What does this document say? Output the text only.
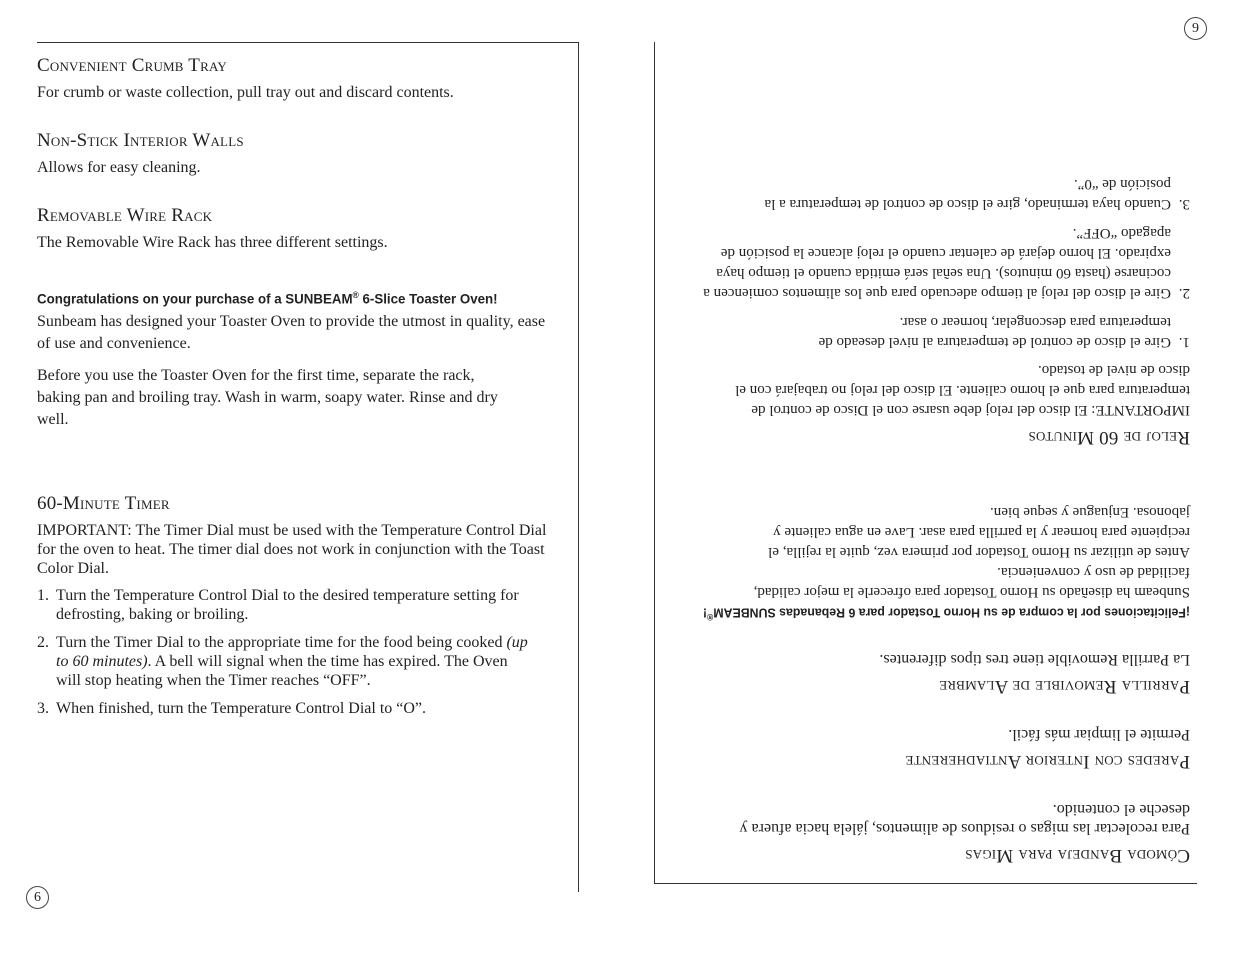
Convenient Crumb Tray

For crumb or waste collection, pull tray out and discard contents.

Non-Stick Interior Walls

Allows for easy cleaning.

Removable Wire Rack

The Removable Wire Rack has three different settings.

Congratulations on your purchase of a SUNBEAM® 6-Slice Toaster Oven!

Sunbeam has designed your Toaster Oven to provide the utmost in quality, ease of use and convenience.

Before you use the Toaster Oven for the first time, separate the rack, baking pan and broiling tray. Wash in warm, soapy water. Rinse and dry well.

60-Minute Timer

IMPORTANT: The Timer Dial must be used with the Temperature Control Dial for the oven to heat. The timer dial does not work in conjunction with the Toast Color Dial.

1. Turn the Temperature Control Dial to the desired temperature setting for defrosting, baking or broiling.
2. Turn the Timer Dial to the appropriate time for the food being cooked (up to 60 minutes). A bell will signal when the time has expired. The Oven will stop heating when the Timer reaches “OFF”.
3. When finished, turn the Temperature Control Dial to “O”.
Cómoda Bandeja para Migas

Para recolectar las migas o residuos de alimentos, jálela hacia afuera y deseche el contenido.

Paredes con Interior Antiadherente

Permite el limpiar más fácil.

Parrilla Removible de Alambre

La Parrilla Removible tiene tres tipos diferentes.

¡Felicitaciones por la compra de su Horno Tostador para 6 Rebanadas SUNBEAM®!

Sunbeam ha diseñado su Horno Tostador para ofrecerle la mejor calidad, facilidad de uso y conveniencia.

Antes de utilizar su Horno Tostador por primera vez, quite la rejilla, el recipiente para hornear y la parrilla para asar. Lave en agua caliente y jabonosa. Enjuague y seque bien.

Reloj de 60 Minutos

IMPORTANTE: El disco del reloj debe usarse con el Disco de control de temperatura para que el horno caliente. El disco del reloj no trabajará con el disco de nivel de tostado.

1.
Gire el disco de control de temperatura al nivel deseado de temperatura para descongelar, hornear o asar.
2.
Gire el disco del reloj al tiempo adecuado para que los alimentos comiencen a cocinarse (hasta 60 minutos). Una señal será emitida cuando el tiempo haya expirado. El horno dejará de calentar cuando el reloj alcance la posición de apagado “OFF”.
3.
Cuando haya terminado, gire el disco de control de temperatura a la posición de “0”.
6
9
